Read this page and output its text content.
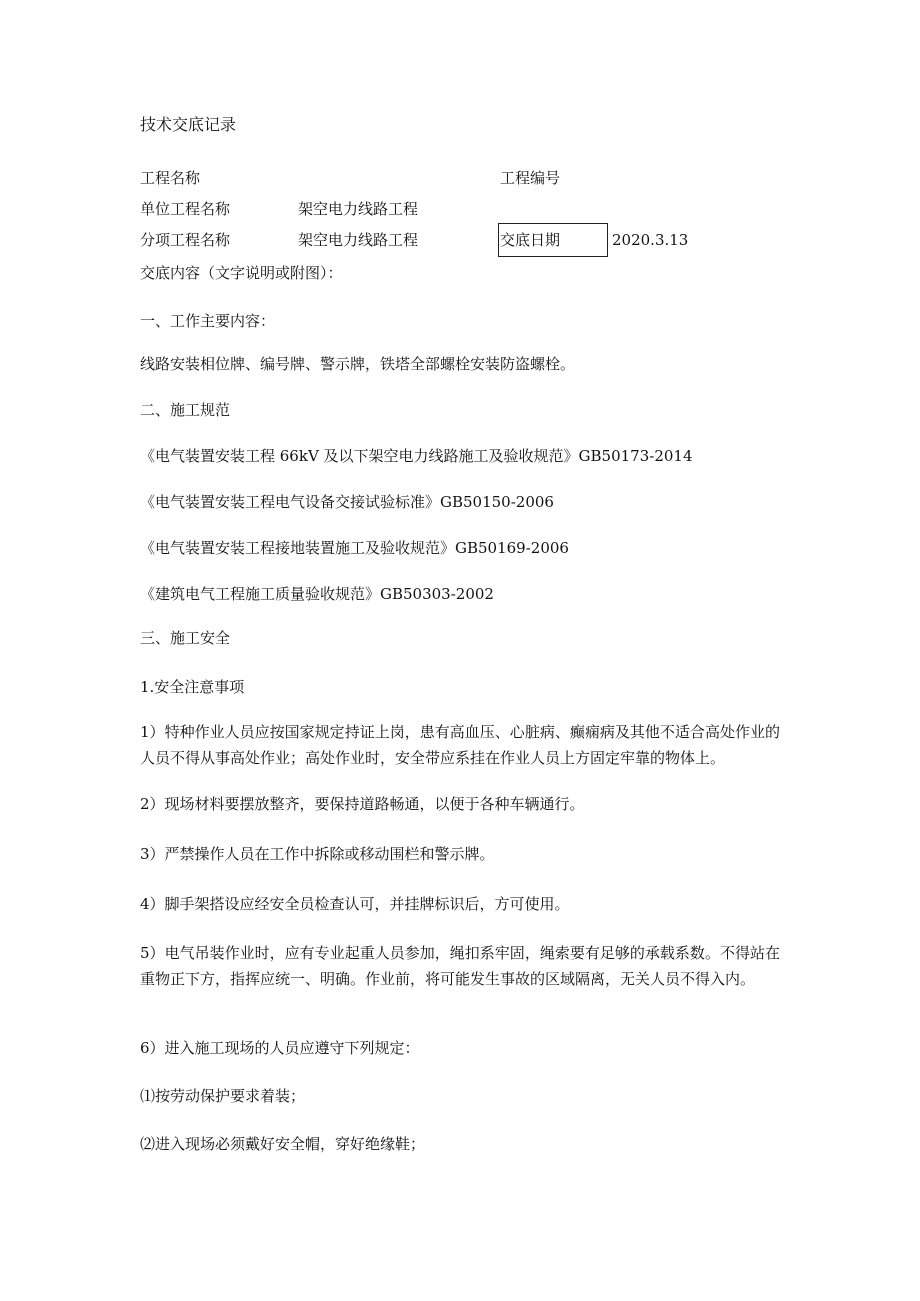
技术交底记录
工程名称	工程编号
单位工程名称	架空电力线路工程
分项工程名称	架空电力线路工程	交底日期	2020.3.13
交底内容（文字说明或附图）：
一、工作主要内容：
线路安装相位牌、编号牌、警示牌，铁塔全部螺栓安装防盗螺栓。
二、施工规范
《电气装置安装工程 66kV 及以下架空电力线路施工及验收规范》GB50173-2014
《电气装置安装工程电气设备交接试验标准》GB50150-2006
《电气装置安装工程接地装置施工及验收规范》GB50169-2006
《建筑电气工程施工质量验收规范》GB50303-2002
三、施工安全
1.安全注意事项
1）特种作业人员应按国家规定持证上岗，患有高血压、心脏病、癫痫病及其他不适合高处作业的人员不得从事高处作业；高处作业时，安全带应系挂在作业人员上方固定牢靠的物体上。
2）现场材料要摆放整齐，要保持道路畅通，以便于各种车辆通行。
3）严禁操作人员在工作中拆除或移动围栏和警示牌。
4）脚手架搭设应经安全员检查认可，并挂牌标识后，方可使用。
5）电气吊装作业时，应有专业起重人员参加，绳扣系牢固，绳索要有足够的承载系数。不得站在重物正下方，指挥应统一、明确。作业前，将可能发生事故的区域隔离，无关人员不得入内。
6）进入施工现场的人员应遵守下列规定：
⑴按劳动保护要求着装；
⑵进入现场必须戴好安全帽，穿好绝缘鞋；
